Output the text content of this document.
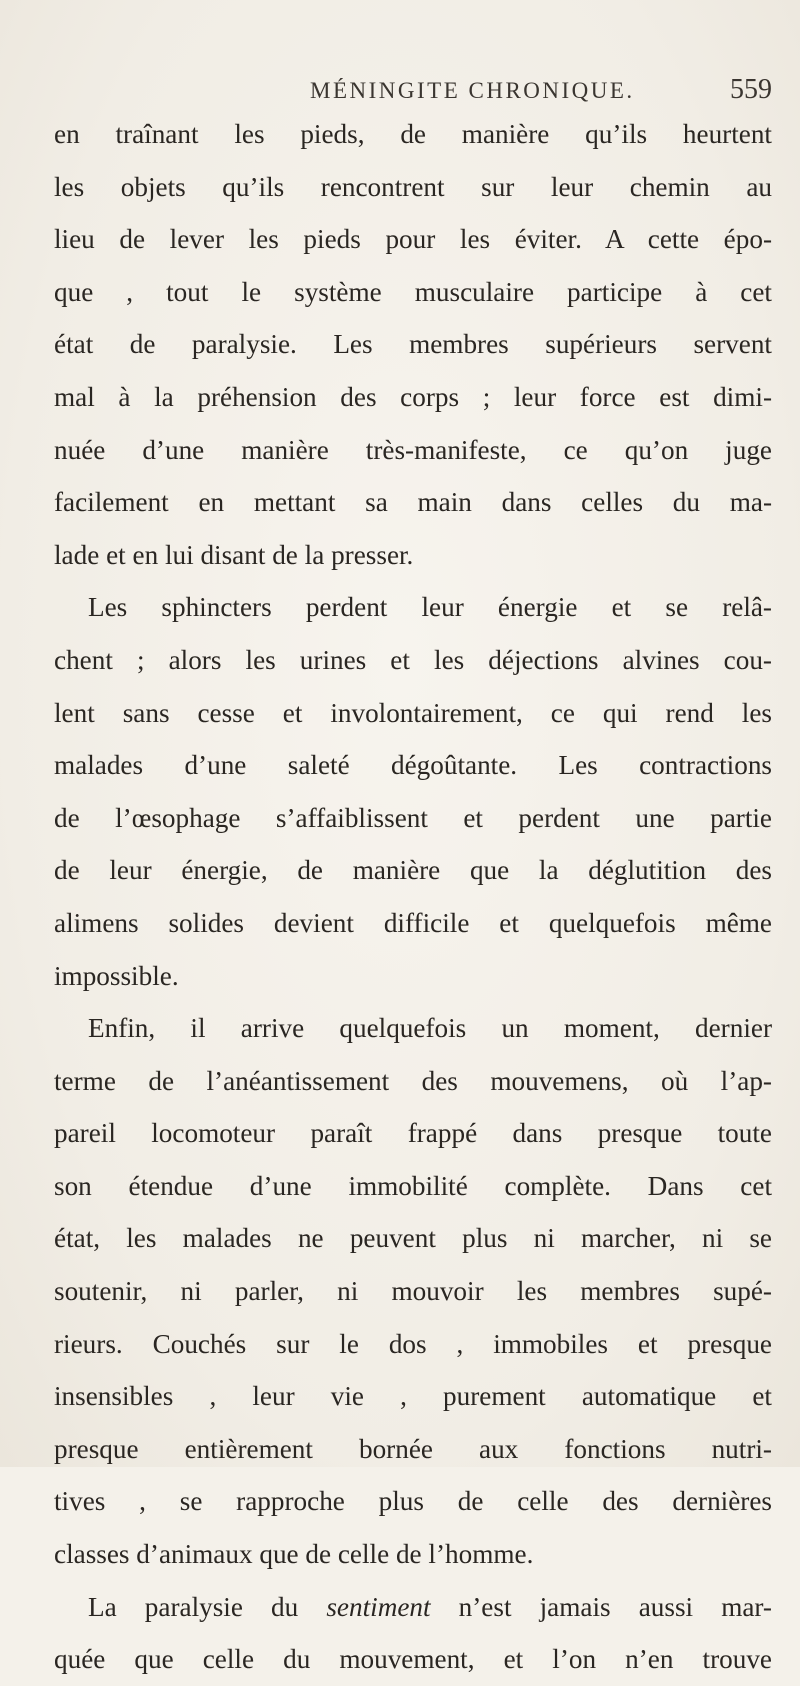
MÉNINGITE CHRONIQUE.	559
en traînant les pieds, de manière qu’ils heurtent
les objets qu’ils rencontrent sur leur chemin au
lieu de lever les pieds pour les éviter. A cette épo-
que , tout le système musculaire participe à cet
état de paralysie. Les membres supérieurs servent
mal à la préhension des corps ; leur force est dimi-
nuée d’une manière très-manifeste, ce qu’on juge
facilement en mettant sa main dans celles du ma-
lade et en lui disant de la presser.
Les sphincters perdent leur énergie et se relâ-
chent ; alors les urines et les déjections alvines cou-
lent sans cesse et involontairement, ce qui rend les
malades d’une saleté dégoûtante. Les contractions
de l’œsophage s’affaiblissent et perdent une partie
de leur énergie, de manière que la déglutition des
alimens solides devient difficile et quelquefois même
impossible.
Enfin, il arrive quelquefois un moment, dernier
terme de l’anéantissement des mouvemens, où l’ap-
pareil locomoteur paraît frappé dans presque toute
son étendue d’une immobilité complète. Dans cet
état, les malades ne peuvent plus ni marcher, ni se
soutenir, ni parler, ni mouvoir les membres supé-
rieurs. Couchés sur le dos , immobiles et presque
insensibles , leur vie , purement automatique et
presque entièrement bornée aux fonctions nutri-
tives , se rapproche plus de celle des dernières
classes d’animaux que de celle de l’homme.
La paralysie du sentiment n’est jamais aussi mar-
quée que celle du mouvement, et l’on n’en trouve
